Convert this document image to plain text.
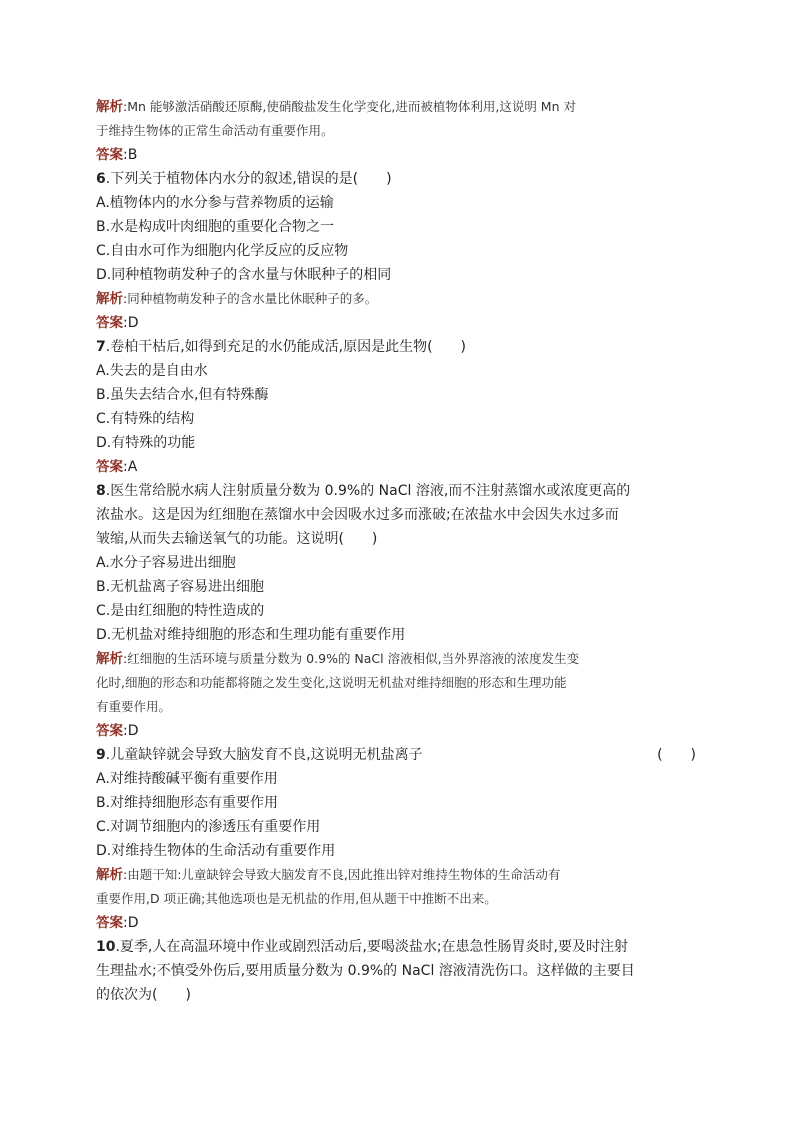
解析:Mn 能够激活硝酸还原酶,使硝酸盐发生化学变化,进而被植物体利用,这说明 Mn 对
于维持生物体的正常生命活动有重要作用。
答案:B
6.下列关于植物体内水分的叙述,错误的是(　　)
A.植物体内的水分参与营养物质的运输
B.水是构成叶肉细胞的重要化合物之一
C.自由水可作为细胞内化学反应的反应物
D.同种植物萌发种子的含水量与休眠种子的相同
解析:同种植物萌发种子的含水量比休眠种子的多。
答案:D
7.卷柏干枯后,如得到充足的水仍能成活,原因是此生物(　　)
A.失去的是自由水
B.虽失去结合水,但有特殊酶
C.有特殊的结构
D.有特殊的功能
答案:A
8.医生常给脱水病人注射质量分数为 0.9%的 NaCl 溶液,而不注射蒸馏水或浓度更高的
浓盐水。这是因为红细胞在蒸馏水中会因吸水过多而涨破;在浓盐水中会因失水过多而
皱缩,从而失去输送氧气的功能。这说明(　　)
A.水分子容易进出细胞
B.无机盐离子容易进出细胞
C.是由红细胞的特性造成的
D.无机盐对维持细胞的形态和生理功能有重要作用
解析:红细胞的生活环境与质量分数为 0.9%的 NaCl 溶液相似,当外界溶液的浓度发生变
化时,细胞的形态和功能都将随之发生变化,这说明无机盐对维持细胞的形态和生理功能
有重要作用。
答案:D
9.儿童缺锌就会导致大脑发育不良,这说明无机盐离子	(　　)
A.对维持酸碱平衡有重要作用
B.对维持细胞形态有重要作用
C.对调节细胞内的渗透压有重要作用
D.对维持生物体的生命活动有重要作用
解析:由题干知:儿童缺锌会导致大脑发育不良,因此推出锌对维持生物体的生命活动有
重要作用,D 项正确;其他选项也是无机盐的作用,但从题干中推断不出来。
答案:D
10.夏季,人在高温环境中作业或剧烈活动后,要喝淡盐水;在患急性肠胃炎时,要及时注射
生理盐水;不慎受外伤后,要用质量分数为 0.9%的 NaCl 溶液清洗伤口。这样做的主要目
的依次为(　　)
